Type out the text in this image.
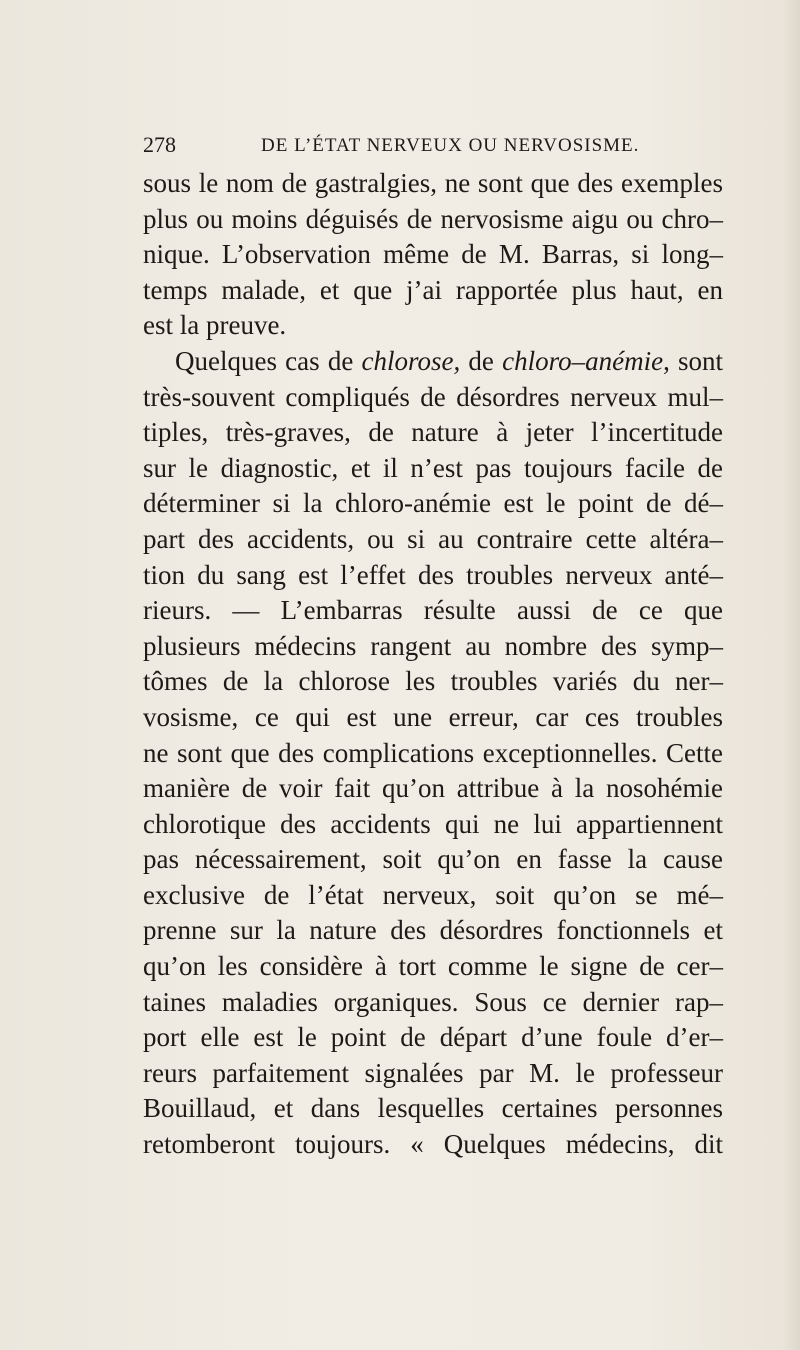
278	DE L’ÉTAT NERVEUX OU NERVOSISME.
sous le nom de gastralgies, ne sont que des exemples
plus ou moins déguisés de nervosisme aigu ou chro–
nique. L’observation même de M. Barras, si long–
temps malade, et que j’ai rapportée plus haut, en
est la preuve.
Quelques cas de chlorose, de chloro–anémie, sont
très-souvent compliqués de désordres nerveux mul–
tiples, très-graves, de nature à jeter l’incertitude
sur le diagnostic, et il n’est pas toujours facile de
déterminer si la chloro-anémie est le point de dé–
part des accidents, ou si au contraire cette altéra–
tion du sang est l’effet des troubles nerveux anté–
rieurs. — L’embarras résulte aussi de ce que
plusieurs médecins rangent au nombre des symp–
tômes de la chlorose les troubles variés du ner–
vosisme, ce qui est une erreur, car ces troubles
ne sont que des complications exceptionnelles. Cette
manière de voir fait qu’on attribue à la nosohémie
chlorotique des accidents qui ne lui appartiennent
pas nécessairement, soit qu’on en fasse la cause
exclusive de l’état nerveux, soit qu’on se mé–
prenne sur la nature des désordres fonctionnels et
qu’on les considère à tort comme le signe de cer–
taines maladies organiques. Sous ce dernier rap–
port elle est le point de départ d’une foule d’er–
reurs parfaitement signalées par M. le professeur
Bouillaud, et dans lesquelles certaines personnes
retomberont toujours. « Quelques médecins, dit
